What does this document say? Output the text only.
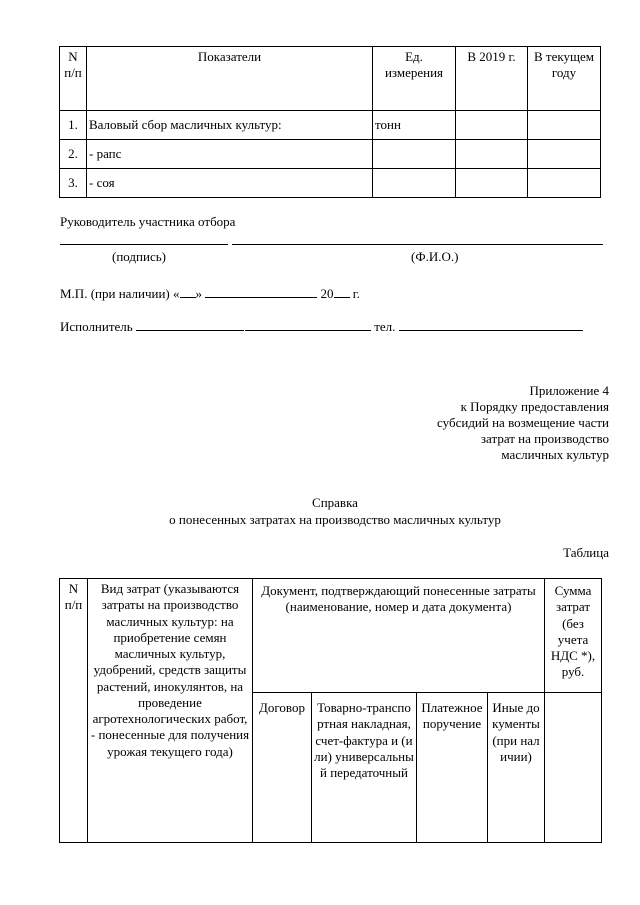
N п/п	Показатели	Ед. измерения	В 2019 г.	В текущем году
1.	Валовый сбор масличных культур:	тонн		
2.	- рапс			
3.	- соя			
Руководитель участника отбора
(подпись)	(Ф.И.О.)
М.П. (при наличии) « »	20 г.
Исполнитель	тел.
Приложение 4
к Порядку предоставления
субсидий на возмещение части
затрат на производство
масличных культур
Справка
о понесенных затратах на производство масличных культур
Таблица
N п/п	Вид затрат (указываются затраты на производство масличных культур: на приобретение семян масличных культур, удобрений, средств защиты растений, инокулянтов, на проведение агротехнологических работ, - понесенные для получения урожая текущего года)	Документ, подтверждающий понесенные затраты (наименование, номер и дата документа)				Сумма затрат (без учета НДС *), руб.
		Договор	Товарно-транспортная накладная, счет-фактура и (или) универсальный передаточный	Платежное поручение	Иные документы (при наличии)	
